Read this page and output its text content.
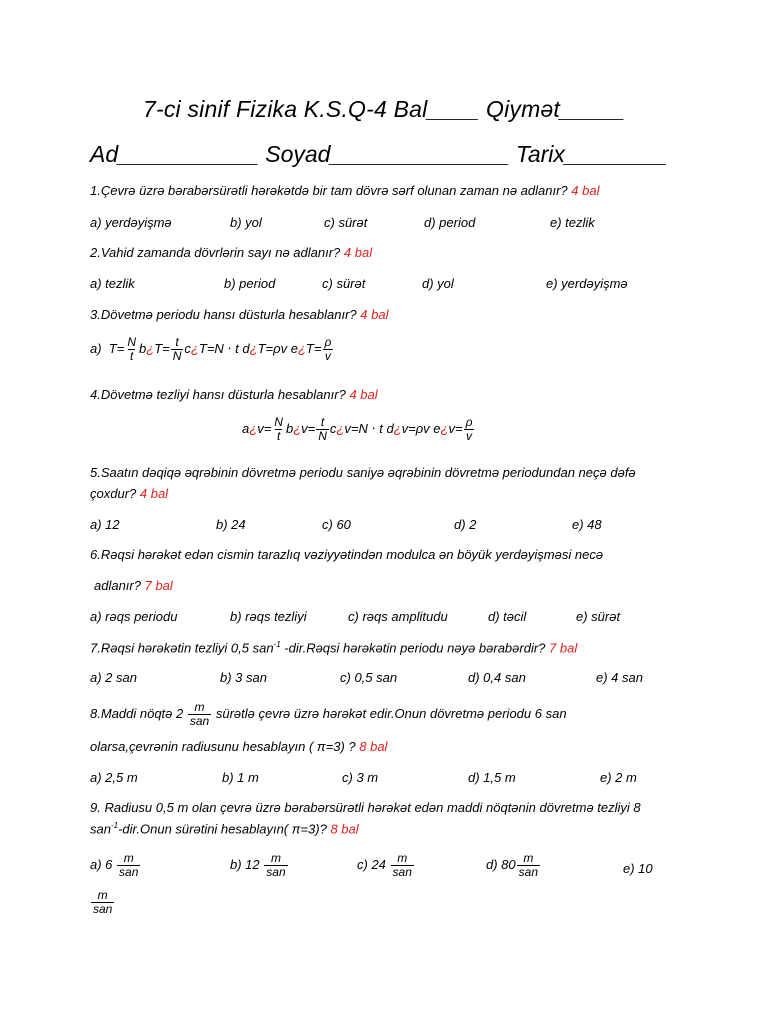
7-ci sinif Fizika K.S.Q-4 Bal____ Qiymət_____
Ad___________ Soyad______________ Tarix________
1.Çevrə üzrə bərabərsürətli hərəkətdə bir tam dövrə sərf olunan zaman nə adlanır? 4 bal
a) yerdəyişmə	b) yol	c) sürət	d) period	e) tezlik
2.Vahid zamanda dövrlərin sayı nə adlanır? 4 bal
a) tezlik	b) period	c) sürət	d) yol	e) yerdəyişmə
3.Dövetmə periodu hansı düsturla hesablanır? 4 bal
a) $T= \frac{N}{t}$ b¿T= $\frac{t}{N}$ c¿T=N ⋅ t d¿T=ρv e¿T= $\frac{\rho}{v}$
4.Dövetmə tezliyi hansı düsturla hesablanır? 4 bal
a¿v= $\frac{N}{t}$ b¿v= $\frac{t}{N}$ c¿v=N ⋅ t d¿v=ρv e¿v= $\frac{\rho}{v}$
5.Saatın dəqiqə əqrəbinin dövretmə periodu saniyə əqrəbinin dövretmə periodundan neçə dəfə
çoxdur? 4 bal
a) 12	b) 24	c) 60	d) 2	e) 48
6.Rəqsi hərəkət edən cismin tarazlıq vəziyyətindən modulca ən böyük yerdəyişməsi necə
adlanır? 7 bal
a) rəqs periodu	b) rəqs tezliyi	c) rəqs amplitudu	d) təcil	e) sürət
7.Rəqsi hərəkətin tezliyi 0,5 san$^{-1}$ -dir.Rəqsi hərəkətin periodu nəyə bərabərdir? 7 bal
a) 2 san	b) 3 san	c) 0,5 san	d) 0,4 san	e) 4 san
8.Maddi nöqtə $2 \frac{m}{\text{san}}$ sürətlə çevrə üzrə hərəkət edir.Onun dövretmə periodu 6 san
olarsa,çevrənin radiusunu hesablayın ( π=3) ? 8 bal
a) 2,5 m	b) 1 m	c) 3 m	d) 1,5 m	e) 2 m
9. Radiusu 0,5 m olan çevrə üzrə bərabərsürətli hərəkət edən maddi nöqtənin dövretmə tezliyi 8
san$^{-1}$-dir.Onun sürətini hesablayın( π=3)? 8 bal
a) $6 \frac{m}{\text{san}}$	b) $12 \frac{m}{\text{san}}$	c) $24 \frac{m}{\text{san}}$	d) $80 \frac{m}{\text{san}}$	e) 10
$\frac{m}{\text{san}}$
